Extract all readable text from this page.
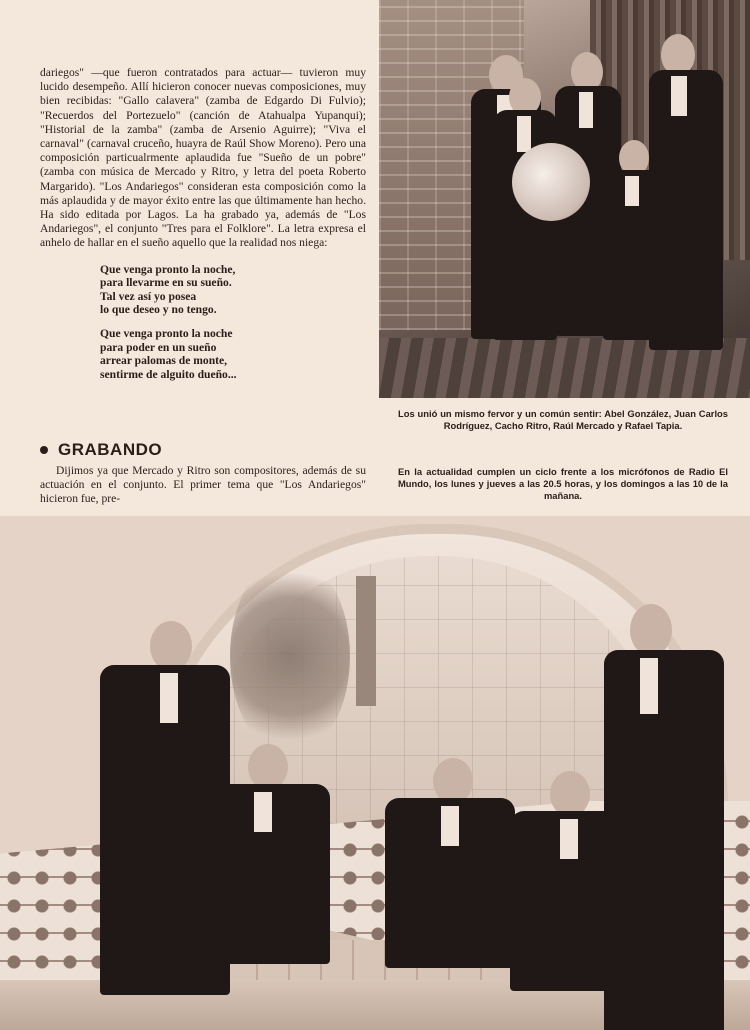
dariegos" —que fueron contratados para actuar— tuvieron muy lucido desempeño. Allí hicieron conocer nuevas composiciones, muy bien recibidas: "Gallo calavera" (zamba de Edgardo Di Fulvio); "Recuerdos del Portezuelo" (canción de Atahualpa Yupanqui); "Historial de la zamba" (zamba de Arsenio Aguirre); "Viva el carnaval" (carnaval cruceño, huayra de Raúl Show Moreno). Pero una composición particualrmente aplaudida fue "Sueño de un pobre" (zamba con música de Mercado y Ritro, y letra del poeta Roberto Margarido). "Los Andariegos" consideran esta composición como la más aplaudida y de mayor éxito entre las que últimamente han hecho. Ha sido editada por Lagos. La ha grabado ya, además de "Los Andariegos", el conjunto "Tres para el Folklore". La letra expresa el anhelo de hallar en el sueño aquello que la realidad nos niega:

Que venga pronto la noche,
para llevarme en su sueño.
Tal vez así yo posea
lo que deseo y no tengo.
Que venga pronto la noche
para poder en un sueño
arrear palomas de monte,
sentirme de alguito dueño...
GRABANDO

Dijimos ya que Mercado y Ritro son compositores, además de su actuación en el conjunto. El primer tema que "Los Andariegos" hicieron fue, pre-

Los unió un mismo fervor y un común sentir: Abel González, Juan Carlos Rodríguez, Cacho Ritro, Raúl Mercado y Rafael Tapia.
En la actualidad cumplen un ciclo frente a los micrófonos de Radio El Mundo, los lunes y jueves a las 20.5 horas, y los domingos a las 10 de la mañana.
